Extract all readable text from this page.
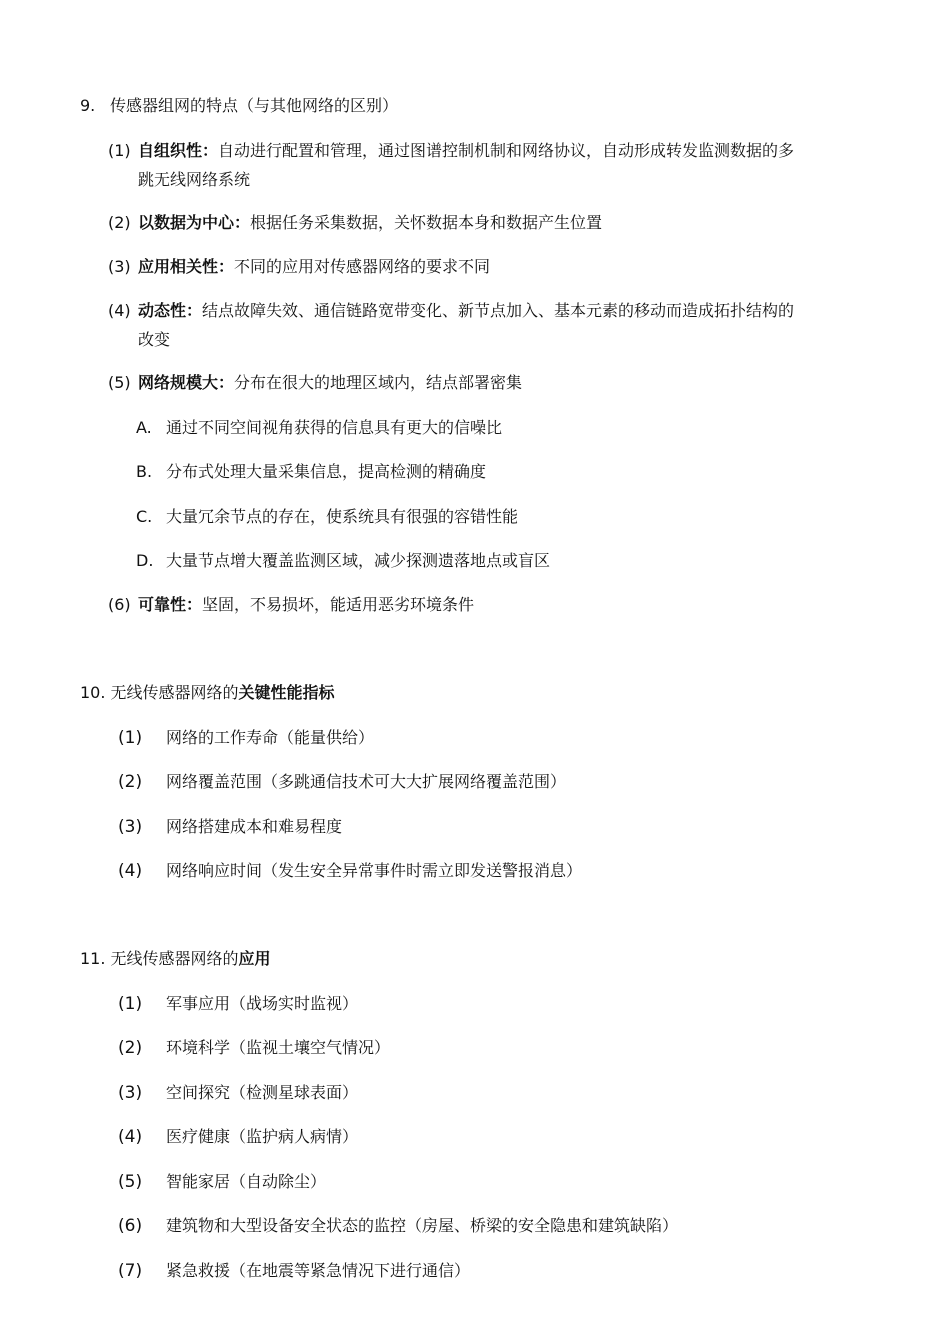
9. 传感器组网的特点（与其他网络的区别）
(1) 自组织性：自动进行配置和管理，通过图谱控制机制和网络协议，自动形成转发监测数据的多
跳无线网络系统
(2) 以数据为中心：根据任务采集数据，关怀数据本身和数据产生位置
(3) 应用相关性：不同的应用对传感器网络的要求不同
(4) 动态性：结点故障失效、通信链路宽带变化、新节点加入、基本元素的移动而造成拓扑结构的
改变
(5) 网络规模大：分布在很大的地理区域内，结点部署密集
A. 通过不同空间视角获得的信息具有更大的信噪比
B. 分布式处理大量采集信息，提高检测的精确度
C. 大量冗余节点的存在，使系统具有很强的容错性能
D. 大量节点增大覆盖监测区域，减少探测遗落地点或盲区
(6) 可靠性：坚固，不易损坏，能适用恶劣环境条件
10. 无线传感器网络的关键性能指标
(1) 网络的工作寿命（能量供给）
(2) 网络覆盖范围（多跳通信技术可大大扩展网络覆盖范围）
(3) 网络搭建成本和难易程度
(4) 网络响应时间（发生安全异常事件时需立即发送警报消息）
11. 无线传感器网络的应用
(1) 军事应用（战场实时监视）
(2) 环境科学（监视土壤空气情况）
(3) 空间探究（检测星球表面）
(4) 医疗健康（监护病人病情）
(5) 智能家居（自动除尘）
(6) 建筑物和大型设备安全状态的监控（房屋、桥梁的安全隐患和建筑缺陷）
(7) 紧急救援（在地震等紧急情况下进行通信）
